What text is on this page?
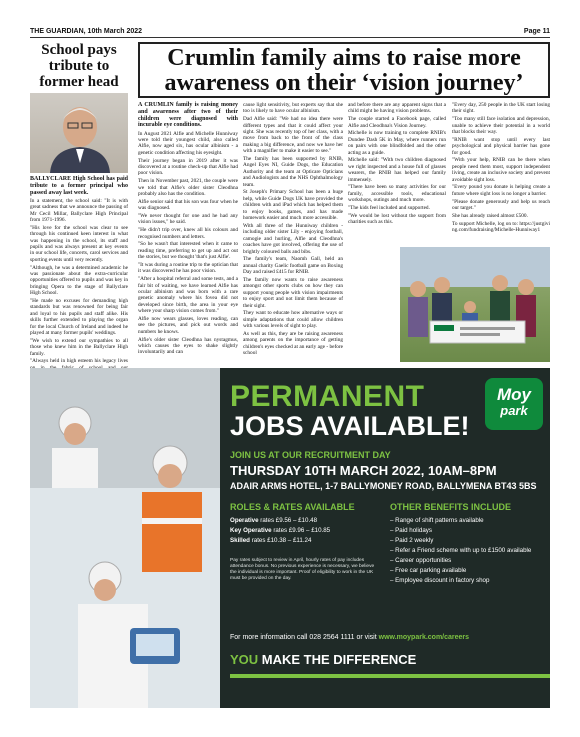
THE GUARDIAN, 10th March 2022	Page 11
School pays tribute to former head

BALLYCLARE High School has paid tribute to a former principal who passed away last week.

In a statement, the school said: "It is with great sadness that we announce the passing of Mr Cecil Millar, Ballyclare High Principal from 1971-1996.

"His love for the school was clear to see through his continued keen interest in what was happening in the school, its staff and pupils and was always present at key events in our school life, concerts, carol services and sporting events until very recently.

"Although, he was a determined academic he was passionate about the extra-curricular opportunities offered to pupils and was key in bringing Opera to the stage of Ballyclare High School.

"He made no excuses for demanding high standards but was renowned for being fair and loyal to his pupils and staff alike. His skills further extended to playing the organ for the local Church of Ireland and indeed he played at many former pupils' weddings.

"We wish to extend our sympathies to all those who knew him in the Ballyclare High family.

"Always held in high esteem his legacy lives

Crumlin family aims to raise more awareness on their ‘vision journey’

A CRUMLIN family is raising money and awareness after two of their children were diagnosed with incurable eye conditions.

In August 2021 Alfie and Michelle Hunniway were told their youngest child, also called Alfie, now aged six, has ocular albinism - a genetic condition affecting his eyesight.

Their journey began in 2019 after it was discovered at a routine check-up that Alfie had poor vision.

Then in November past, 2021, the couple were we told that Alfie's older sister Cleodhna probably also has the condition.

Alfie senior said that his son was four when he was diagnosed.

"We never thought for one and he had any vision issues," he said.

"He didn't trip over, knew all his colours and recognised numbers and letters.

"So he wasn't that interested when it came to reading time, preferring to get up and act out the stories, but we thought 'that's just Alfie'.

"It was during a routine trip to the optician that it was discovered he has poor vision.

"After a hospital referral and some tests, and a fair bit of waiting, we have learned Alfie has ocular albinism and was born with a rare genetic anomaly where his fovea did not developed since birth, the area in your eye where your sharp vision comes from."

Alfie now wears glasses, loves reading, can see the pictures, and pick out words and numbers he knows.

Alfie's older sister Cleodhna has nystagmus, which causes the eyes to shake slightly involuntarily and can

cause light sensitivity, but experts say that she too is likely to have ocular albinism.

Dad Alfie said: "We had no idea there were different types and that it could affect your sight. She was recently top of her class, with a move from back to the front of the class making a big difference, and now we have her with a magnifier to make it easier to see."

The family has been supported by RNIB, Angel Eyes NI, Guide Dogs, the Education Authority and the team at Opticare Opticians and Audiologists and the NHS Ophthalmology team.

St Joseph's Primary School has been a huge help, while Guide Dogs UK have provided the children with and iPad which has helped them to enjoy books, games, and has made homework easier and much more accessible.

With all three of the Hunniway children - including older sister Lily - enjoying football, camogie and hurling, Alfie and Cleodhna's coaches have got involved, offering the use of brightly coloured balls and bibs.

The family's team, Naomh Gall, held an annual charity Gaelic football game on Boxing Day and raised £415 for RNIB.

The family now wants to raise awareness amongst other sports clubs on how they can support young people with vision impairments to enjoy sport and not limit them because of their sight.

They want to educate how alternative ways or simple adaptations that could allow children with various levels of sight to play.

As well as this, they are be raising awareness among parents on the importance of getting children's eyes checked at an early age - before school

and before there are any apparent signs that a child might be having vision problems.

The couple started a Facebook page, called Alfie and Cleodhna's Vision Journey.

Michelle is now training to complete RNIB's Dundee Dash 5K in May, where runners run on pairs with one blindfolded and the other acting as a guide.

Michelle said: "With two children diagnosed we right inspected and a house full of glasses wearers, the RNIB has helped our family immensely.

"There have been so many activities for our family, accessible tools, educational workshops, outings and much more.

"The kids feel included and supported.

"We would be lost without the support from charities such as this.

"Every day, 250 people in the UK start losing their sight.

"Too many still face isolation and depression, unable to achieve their potential in a world that blocks their way.

"RNIB want stop until every last psychological and physical barrier has gone for good.

"With your help, RNIB can be there when people need them most, support independent living, create an inclusive society and prevent avoidable sight loss.

"Every pound you donate is helping create a future where sight loss is no longer a barrier.

"Please donate generously and help us reach our target."

She has already raised almost £500.

To support Michelle, log on to: https://justgiving.com/fundraising/Michelle-Hunniway1

PERMANENT
JOBS AVAILABLE!
Moy
park
JOIN US AT OUR RECRUITMENT DAY
THURSDAY 10TH MARCH 2022, 10AM–8PM
ADAIR ARMS HOTEL, 1-7 BALLYMONEY ROAD, BALLYMENA BT43 5BS
ROLES & RATES AVAILABLE
Operative rates £9.56 – £10.48
Key Operative rates £9.96 – £10.85
Skilled rates £10.38 – £11.24
Pay rates subject to review in April, hourly rates of pay includes attendance bonus. No previous experience is necessary, we believe the individual is more important. Proof of eligibility to work in the UK must be provided on the day.
OTHER BENEFITS INCLUDE
– Range of shift patterns available
– Paid holidays
– Paid 2 weekly
– Refer a Friend scheme with up to £1500 available
– Career opportunities
– Free car parking available
– Employee discount in factory shop
For more information call 028 2564 1111 or visit www.moypark.com/careers
YOU MAKE THE DIFFERENCE
